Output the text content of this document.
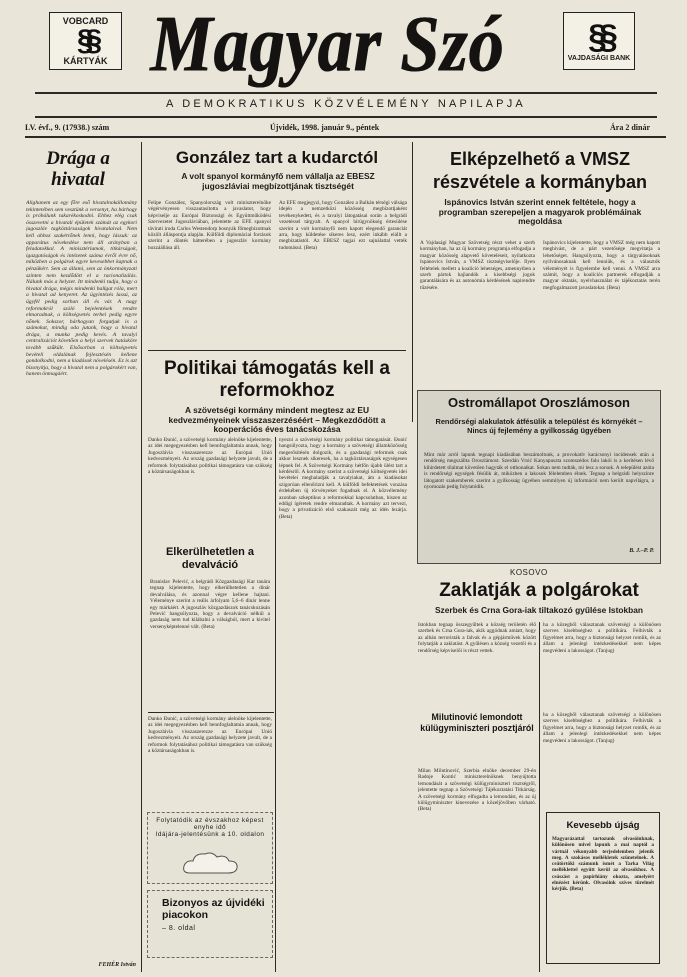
VOBCARD
§§
KÁRTYÁK Magyar Szó	§§
VAJDASÁGI BANK
A DEMOKRATIKUS KÖZVÉLEMÉNY NAPILAPJA
LV. évf., 9. (17938.) szám	Újvidék, 1998. január 9., péntek	Ára 2 dinár
Drága a hivatal
Alighanem az egy főre eső hivatalnokállomány tekintetében sem vesztünk a versenyt, ha bárhogy is próbálunk takarékoskodni. Ehhez elég csak összevetni a hivatali épületek számát az egykori jugoszláv tagköztársaságok hivatalaival. Nem kell ahhoz szakértőnek lenni, hogy lássuk: az apparátus növekedése nem áll arányban a feladatokkal. A minisztériumok, titkárságok, igazgatóságok és intézetek száma évről évre nő, miközben a polgárok egyre kevesebbet kapnak a pénzükért. Sem az állami, sem az önkormányzati szinten nem kezdődött el a racionalizálás. Nálunk más a helyzet. Itt mindenki tudja, hogy a hivatal drága, mégis mindenki hallgat róla, mert a hivatal ad kenyeret. Az ügyintézés lassú, az ügyfél pedig sorban áll és vár. A nagy reformokról szóló bejelentések rendre elmaradnak, a költségvetés terhei pedig egyre nőnek. Sokszor, bárhogyan forgatjuk is a számokat, mindig oda jutunk, hogy a hivatal drága, a munka pedig kevés. A tavalyi centralizációt követően a helyi szervek hatásköre tovább szűkült. Elsősorban a költségvetés bevételi oldalának fejlesztésén kellene gondolkodni, nem a kiadások növelésén. Ez is azt bizonyítja, hogy a hivatal nem a polgárokért van, hanem önmagáért.
FEHÉR István
González tart a kudarctól
A volt spanyol kormányfő nem vállalja az EBESZ jugoszláviai megbízottjának tisztségét
Felipe González, Spanyolország volt miniszterelnöke végérvényesen visszautasította a javaslatot, hogy képviselje az Európai Biztonsági és Együttműködési Szervezetet Jugoszláviában, jelentette az EFE spanyol távirati iroda Carlos Westendorp bosnyák főmegbízottnak közölt álláspontja alapján. Külföldi diplomáciai források szerint a döntés hátterében a jugoszláv kormány hozzáállása áll.
Az EFE megjegyzi, hogy González a Balkán térségi válsága idején a nemzetközi közösség megbízottjaként tevékenykedett, és a tavalyi látogatásai során a belgrádi vezetéssel tárgyalt. A spanyol hírügynökség értesülése szerint a volt kormányfő nem kapott elegendő garanciát arra, hogy küldetése sikeres lesz, ezért inkább elállt a megbízatástól. Az EBESZ tagjai ezt sajnálattal vették tudomásul. (Beta)
Elképzelhető a VMSZ részvétele a kormányban
Ispánovics István szerint ennek feltétele, hogy a programban szerepeljen a magyarok problémáinak megoldása
A Vajdasági Magyar Szövetség részt vehet a szerb kormányban, ha az új kormány programja elfogadja a magyar közösség alapvető követeléseit, nyilatkozta Ispánovics István, a VMSZ tisztségviselője. Ilyen feltételek mellett a koalíció lehetséges, amennyiben a szerb pártok hajlandók a kisebbségi jogok garantálására és az autonómia kérdésének napirendre tűzésére.
Ispánovics kijelentette, hogy a VMSZ még nem kapott meghívást, de a párt vezetősége megvitatja a lehetőséget. Hangsúlyozta, hogy a tárgyalásoknak nyilvánosaknak kell lenniük, és a választók véleményét is figyelembe kell venni. A VMSZ arra számít, hogy a koalíciós partnerek elfogadják a magyar oktatás, nyelvhasználat és tájékoztatás terén megfogalmazott javaslatokat. (Beta)
Politikai támogatás kell a reformokhoz
A szövetségi kormány mindent megtesz az EU kedvezményeinek visszaszerzéséért – Megkezdődött a kooperációs éves tanácskozása
Danko Đunić, a szövetségi kormány alelnöke kijelentette, az idei megegyezésben kell bennfoglaltatnia annak, hogy Jugoszlávia visszaszerezze az Európai Unió kedvezményeit. Az ország gazdasági helyzete javult, de a reformok folytatásához politikai támogatásra van szükség a köztársaságokban is.
nyezni a szövetségi kormány politikai támogatását. Đunić hangsúlyozta, hogy a kormány a szövetségi államközösség megerősítésén dolgozik, és a gazdasági reformok csak akkor lesznek sikeresek, ha a tagköztársaságok egységesen lépnek fel. A Szövetségi Kormány hétfőn újabb ülést tart a kérdésről. A kormány szerint a szövetségi költségvetés idei bevételei meghaladják a tavalyiakat, ám a kiadásokat szigorúan ellenőrizni kell. A külföldi befektetések vonzása érdekében új törvényeket fogadnak el. A közvélemény azonban szkeptikus a reformokkal kapcsolatban, hiszen az eddigi ígéretek rendre elmaradtak. A kormány azt tervezi, hogy a privatizáció első szakaszát még az idén lezárja. (Beta)
Elkerülhetetlen a devalváció
Branislav Pelević, a belgrádi Közgazdasági Kar tanára tegnap kijelentette, hogy elkerülhetetlen a dinár devalválása, és azonnal végre kellene hajtani. Véleménye szerint a reális árfolyam 5,6–6 dinár lenne egy márkáért. A jugoszláv közgazdászok tanácskozásán Pelević hangsúlyozta, hogy a devalváció nélkül a gazdaság nem tud kilábalni a válságból, mert a kivitel versenyképtelenné vált. (Beta)
Danko Đunić, a szövetségi kormány alelnöke kijelentette, az idei megegyezésben kell bennfoglaltatnia annak, hogy Jugoszlávia visszaszerezze az Európai Unió kedvezményeit. Az ország gazdasági helyzete javult, de a reformok folytatásához politikai támogatásra van szükség a köztársaságokban is.
Folytatódik az évszakhoz képest enyhe idő
Idájára-jelentésünk a 10. oldalon
Bizonyos az újvidéki piacokon
– 8. oldal
Ostromállapot Oroszlámoson
Rendőrségi alakulatok átfésülik a települést és környékét – Nincs új fejlemény a gyilkosság ügyében
Mint már arról lapunk tegnapi kiadásában beszámoltunk, a provokatív karácsonyi incidensek után a rendőrség megszállta Oroszlámost. Szerdán Vrsić Kanyapuszta szomszédos falu lakói is a kerítésen lévő kihirdetett tilalmat követően hagyták el otthonaikat. Sokan nem tudták, mi lesz a sorsuk. A települést azóta is rendőrségi egységek fésülik át, miközben a lakosok félelemben élnek. Tegnap a belgrádi helyszínre látogatott szakemberek szerint a gyilkosság ügyében semmilyen új információ nem került napvilágra, a nyomozás pedig folytatódik.
B. J.–P. P.
KOSOVO
Zaklatják a polgárokat
Szerbek és Crna Gora-iak tiltakozó gyűlése Istokban
Istokban tegnap összegyűltek a község területén élő szerbek és Crna Gora-iak, akik aggódnak amiatt, hogy az albán terroristák a falvak és a gépjárművek között folytatják a zaklatást. A gyűlésen a község vezetői és a rendőrség képviselői is részt vettek.
ha a közegből választanak szövetségi a különösen szerves kisebbséghez a politikára. Felhívták a figyelmet arra, hogy a biztonsági helyzet romlik, és az állam a jelenlegi intézkedésekkel nem képes megvédeni a lakosságot. (Tanjug)
Milutinović lemondott külügyminiszteri posztjáról
Milan Milutinović, Szerbia elnöke december 29-én Radoje Kontić miniszterelnöknek benyújtotta lemondását a szövetségi külügyminiszteri tisztségről, jelentette tegnap a Szövetségi Tájékoztatási Titkárság. A szövetségi kormány elfogadta a lemondást, és az új külügyminiszter kinevezése a közeljövőben várható. (Beta)
ha a közegből választanak szövetségi a különösen szerves kisebbséghez a politikára. Felhívták a figyelmet arra, hogy a biztonsági helyzet romlik, és az állam a jelenlegi intézkedésekkel nem képes megvédeni a lakosságot. (Tanjug)
Kevesebb újság
Magyarázattal tartozunk olvasóinknak, különösen mivel lapunk a mai naptól a vártnál vékonyabb terjedelemben jelenik meg. A szokásos mellékletek szünetelnek. A csütörtöki számunk ismét a Tarka Világ melléklettel együtt kerül az olvasókhoz. A csúszást a papírhiány okozta, amelyért elnézést kérünk. Olvasóink szíves türelmét kérjük. (Beta)
